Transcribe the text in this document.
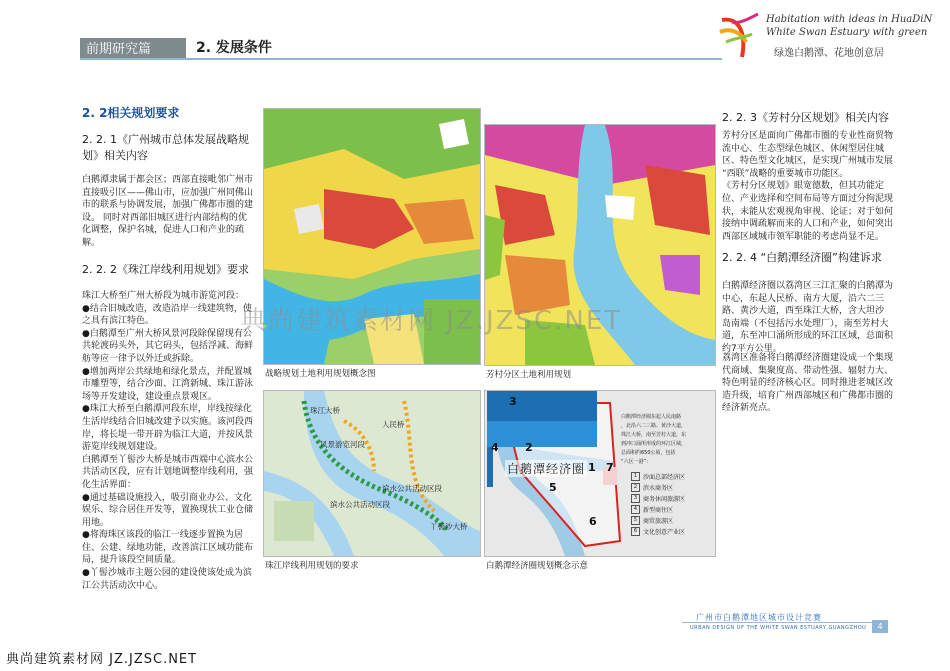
前期研究篇	2. 发展条件
Habitation with ideas in HuaDiN
White Swan Estuary with green
绿逸白鹅潭、花地创意居
2. 2相关规划要求
2. 2. 1《广州城市总体发展战略规
划》相关内容
白鹅潭隶属于都会区；西部直接毗邻广州市
直接吸引区——佛山市，应加强广州同佛山
市的联系与协调发展，加强广佛都市圈的建
设。 同时对西部旧城区进行内部结构的优
化调整，保护名城，促进人口和产业的疏
解。
2. 2. 2《珠江岸线利用规划》要求
珠江大桥至广州大桥段为城市游览河段：
●结合旧城改造，改造沿岸一线建筑物，使
之具有滨江特色。
●白鹅潭至广州大桥风景河段除保留现有公
共轮渡码头外，其它码头，包括浮减、海鲜
舫等应一律予以外迁或拆除。
●增加两岸公共绿地和绿化景点，并配置城
市雕塑等，结合沙面、江湾新城、珠江游泳
场等开发建设，建设重点景观区。
●珠江大桥至白鹅潭河段东岸，岸线按绿化
生活岸线结合旧城改建予以实施。该河段西
岸，将长堤一带开辟为临江大道，并按风景
游览岸线规划建设。
白鹅潭至丫髻沙大桥是城市西端中心滨水公
共活动区段，应有计划地调整岸线利用，强
化生活界面：
●通过基础设施投入，吸引商业办公、文化
娱乐、综合居住开发等，置换现状工业仓储
用地。
●将海珠区该段的临江一线逐步置换为居
住、公建、绿地功能，改善滨江区域功能布
局，提升该段空间质量。
●丫髻沙城市主题公园的建设使该处成为滨
江公共活动次中心。
战略规划土地利用规划概念图	芳村分区土地利用规划
珠江大桥
人民桥
风景游览河段
滨水公共活动区段
滨水公共活动区段
丫髻沙大桥
珠江岸线利用规划的要求
白鹅潭经济圈
3
4 2
5
1 7
6
白鹅潭经济圈东起人民南路
，北沿六二三路、黄沙大道，
珠江大桥，南至芳村大道，东
到冲口涌所形成的环江区域，
总面积约650公顷，包括
“六区一港”：
1 沙面总部经济区
2 滨水商务区
3 商务休闲旅游区
4 新型商住区
5 商贸旅游区
6 文化创意产业区
白鹅潭经济圈规划概念示意
2. 2. 3《芳村分区规划》相关内容
芳村分区是面向广佛都市圈的专业性商贸物
流中心、生态型绿色城区、休闲型居住城
区、特色型文化城区，是实现广州城市发展
“西联”战略的重要城市功能区。
《芳村分区规划》眼宽德数，但其功能定
位、产业选择和空间布局等方面过分拘泥现
状，未能从宏观视角审视、论证；对于如何
接纳中调疏解而来的人口和产业，如何突出
西部区域城市领军职能的考虑尚显不足。
2. 2. 4 “白鹅潭经济圈”构建诉求
白鹅潭经济圈以荔湾区三江汇聚的白鹅潭为
中心，东起人民桥、南方大厦，沿六二三
路、黄沙大道，西至珠江大桥，含大坦沙
岛南端（不包括污水处理厂），南至芳村大
道，东至冲口涌所形成的环江区域，总面积
约7平方公里。
荔湾区准备将白鹅潭经济圈建设成一个集现
代商域、集聚度高、带动性强、辐射力大、
特色明显的经济核心区。同时推进老城区改
造升级，培育广州西部城区和广佛都市圈的
经济新亮点。
典尚建筑素材网 JZ.JZSC.NET
典尚建筑素材网 JZ.JZSC.NET
广州市白鹅潭地区城市设计竞赛
URBAN DESIGN OF THE WHITE SWAN ESTUARY,GUANGZHOU	4
